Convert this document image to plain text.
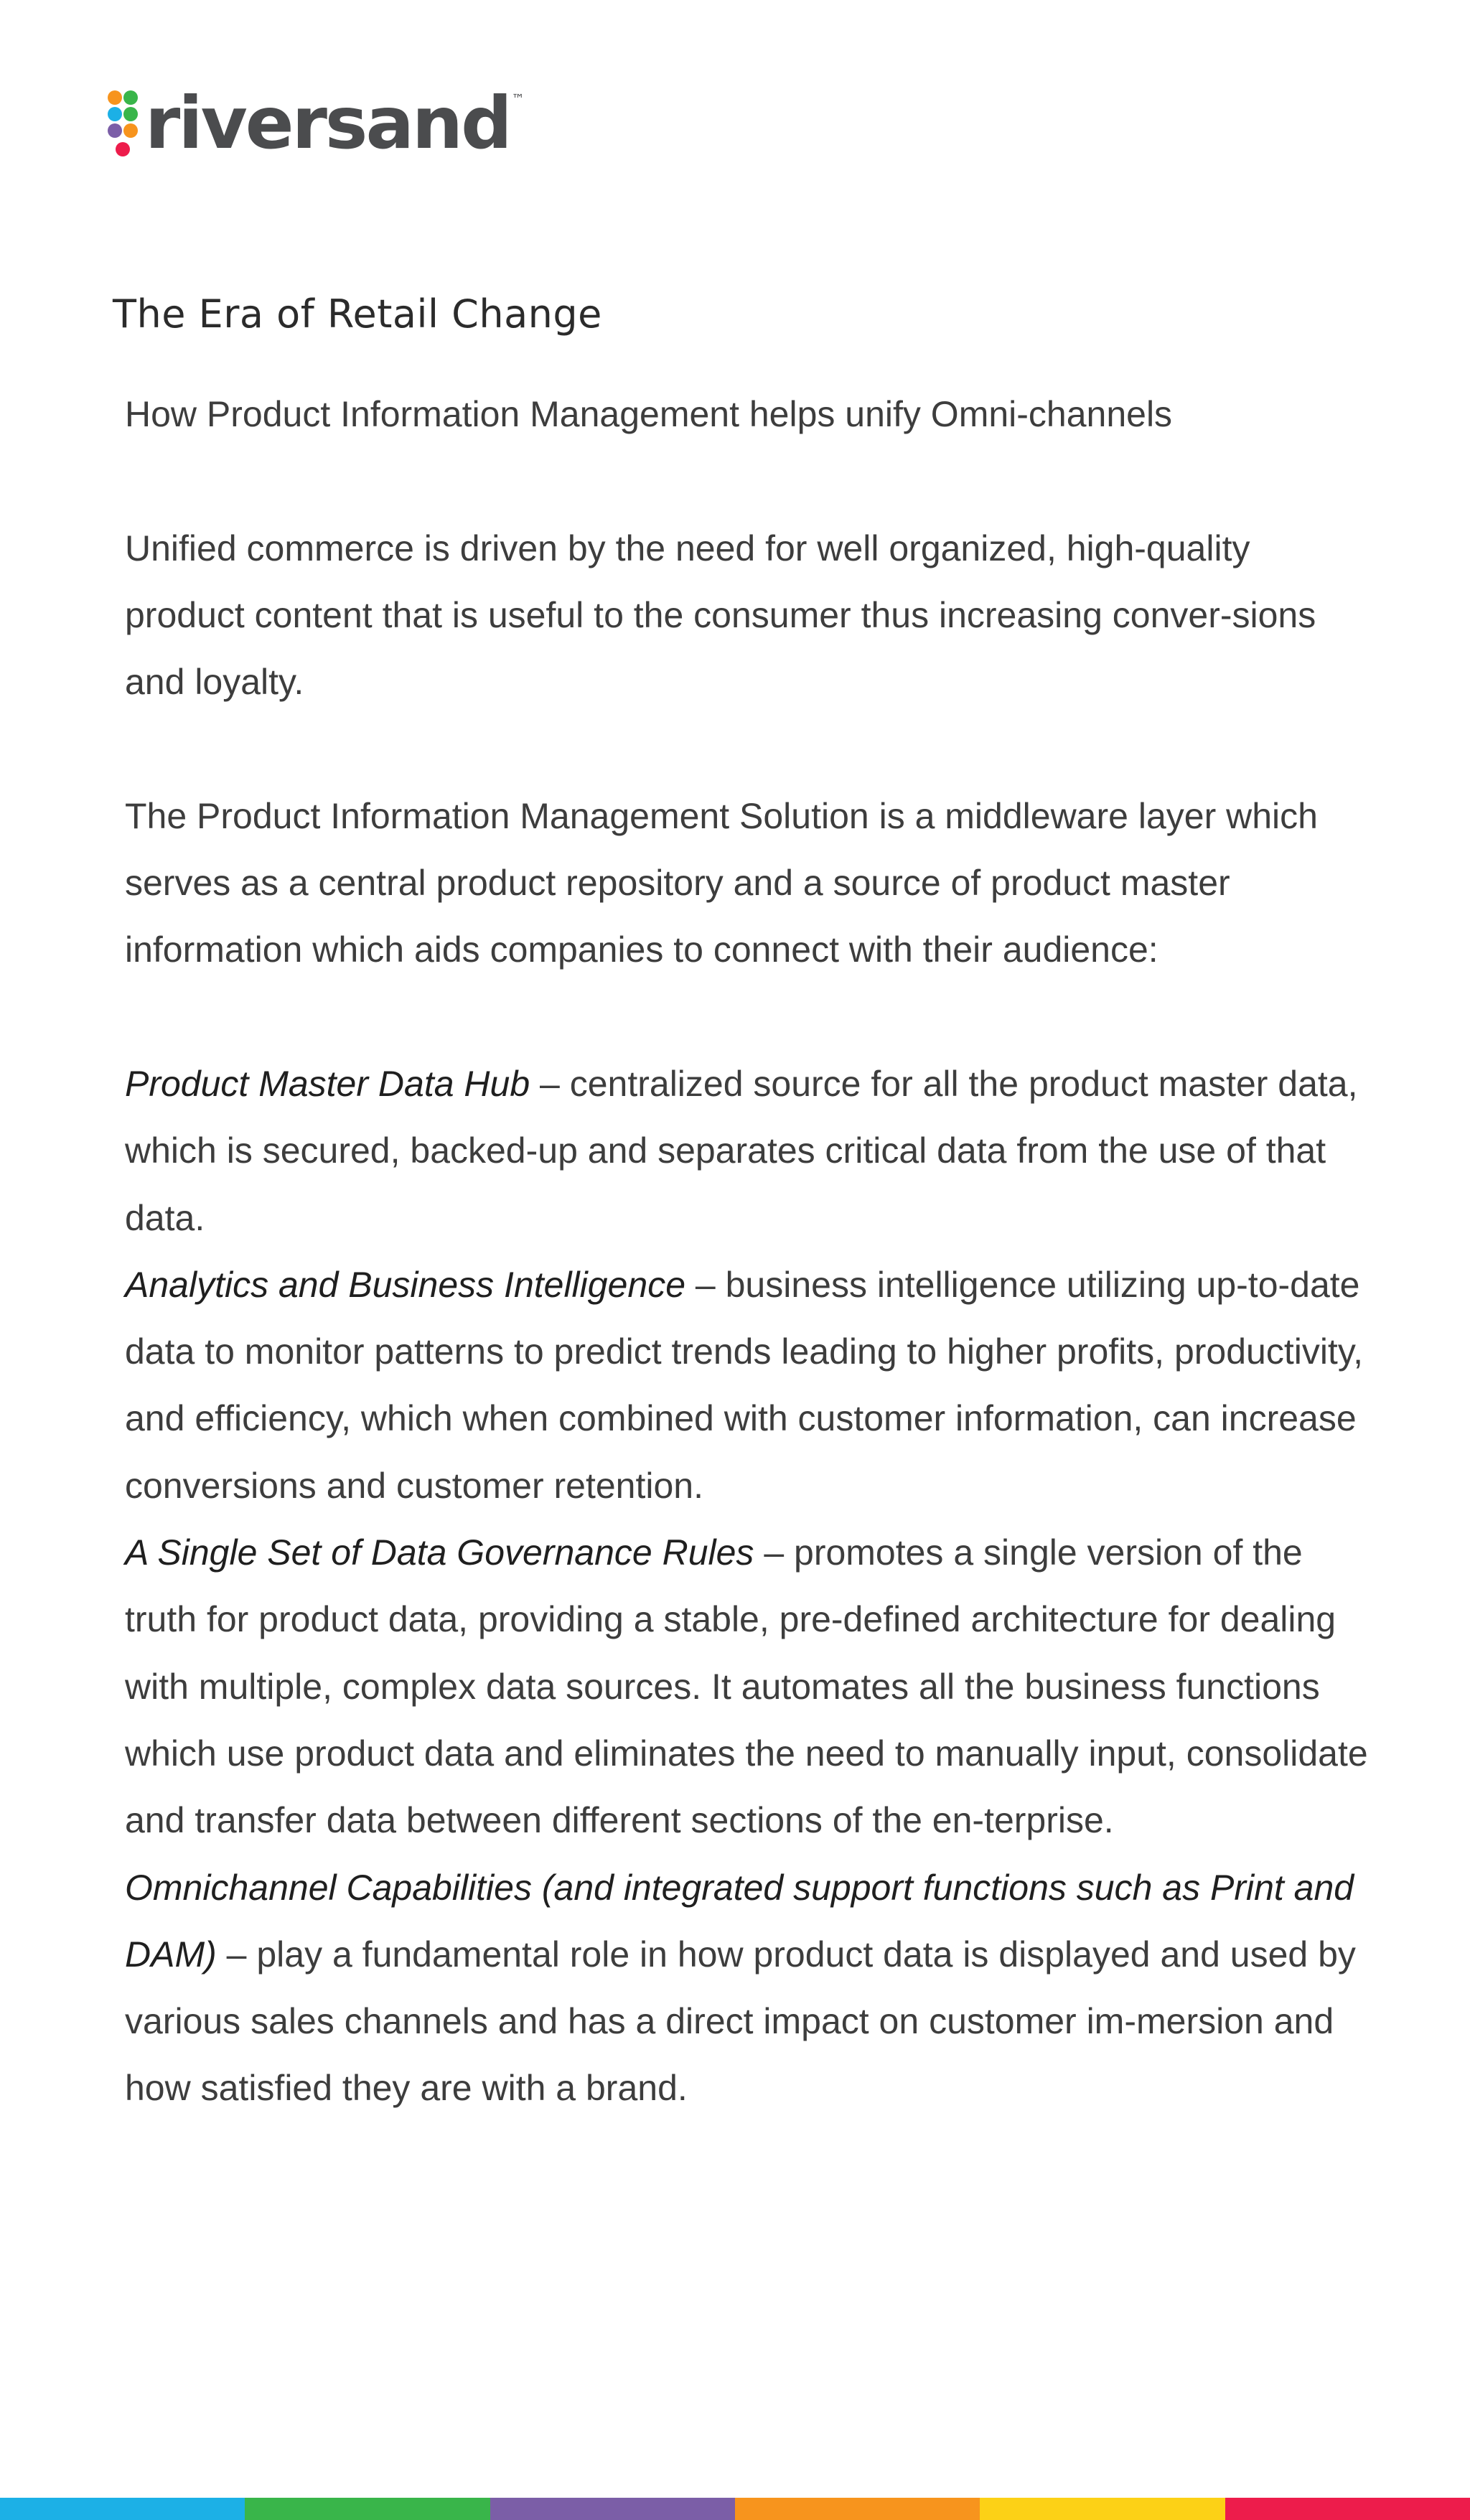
riversand ™
The Era of Retail Change

How Product Information Management helps unify Omni-channels

Unified commerce is driven by the need for well organized, high-quality product content that is useful to the consumer thus increasing conver-sions and loyalty.

The Product Information Management Solution is a middleware layer which serves as a central product repository and a source of product master information which aids companies to connect with their audience:

Product Master Data Hub – centralized source for all the product master data, which is secured, backed-up and separates critical data from the use of that data.

Analytics and Business Intelligence – business intelligence utilizing up-to-date data to monitor patterns to predict trends leading to higher profits, productivity, and efficiency, which when combined with customer information, can increase conversions and customer retention.

A Single Set of Data Governance Rules – promotes a single version of the truth for product data, providing a stable, pre-defined architecture for dealing with multiple, complex data sources. It automates all the business functions which use product data and eliminates the need to manually input, consolidate and transfer data between different sections of the en-terprise.

Omnichannel Capabilities (and integrated support functions such as Print and DAM) – play a fundamental role in how product data is displayed and used by various sales channels and has a direct impact on customer im-mersion and how satisfied they are with a brand.
